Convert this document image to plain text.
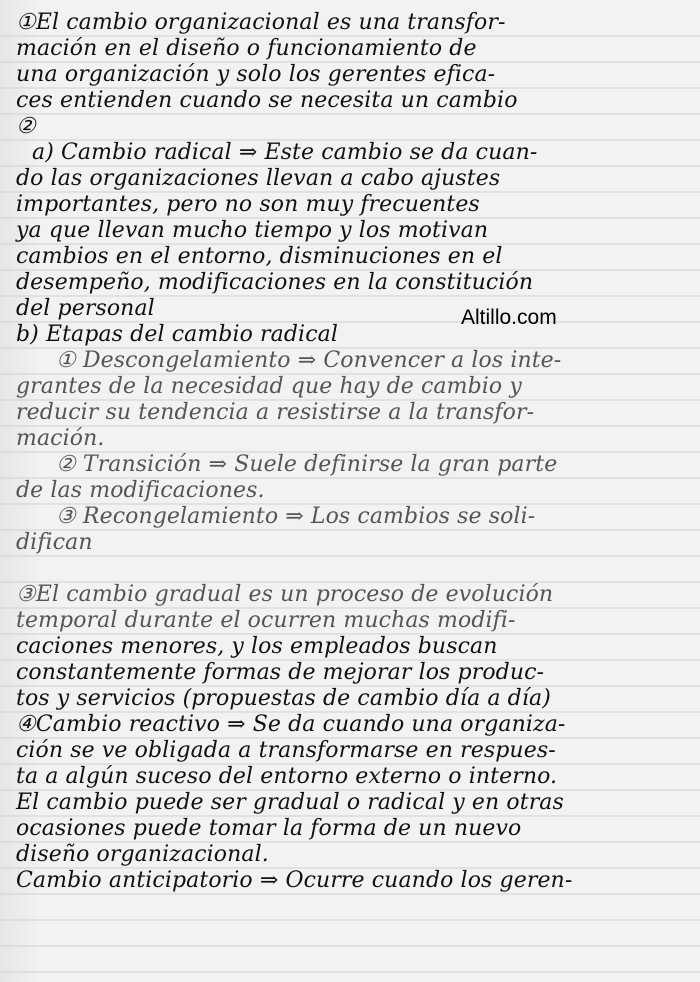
①El cambio organizacional es una transfor-
mación en el diseño o funcionamiento de
una organización y solo los gerentes efica-
ces entienden cuando se necesita un cambio
②
a) Cambio radical ⇒ Este cambio se da cuan-
do las organizaciones llevan a cabo ajustes
importantes, pero no son muy frecuentes
ya que llevan mucho tiempo y los motivan
cambios en el entorno, disminuciones en el
desempeño, modificaciones en la constitución
del personal
b) Etapas del cambio radical
① Descongelamiento ⇒ Convencer a los inte-
grantes de la necesidad que hay de cambio y
reducir su tendencia a resistirse a la transfor-
mación.
② Transición ⇒ Suele definirse la gran parte
de las modificaciones.
③ Recongelamiento ⇒ Los cambios se soli-
difican
③El cambio gradual es un proceso de evolución
temporal durante el ocurren muchas modifi-
caciones menores, y los empleados buscan
constantemente formas de mejorar los produc-
tos y servicios (propuestas de cambio día a día)
④Cambio reactivo ⇒ Se da cuando una organiza-
ción se ve obligada a transformarse en respues-
ta a algún suceso del entorno externo o interno.
El cambio puede ser gradual o radical y en otras
ocasiones puede tomar la forma de un nuevo
diseño organizacional.
Cambio anticipatorio ⇒ Ocurre cuando los geren-
Altillo.com
